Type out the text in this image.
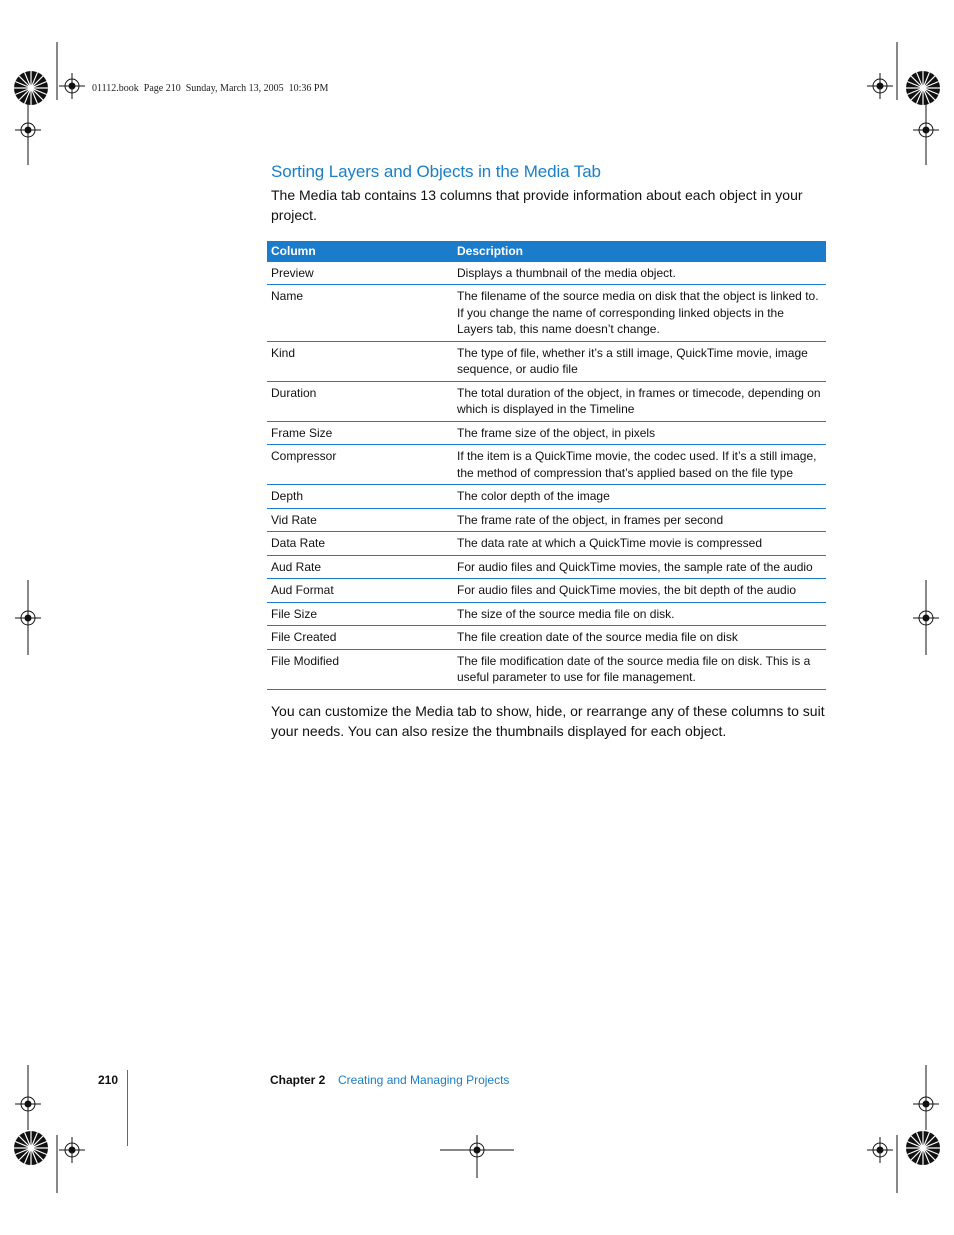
01112.book  Page 210  Sunday, March 13, 2005  10:36 PM
Sorting Layers and Objects in the Media Tab

The Media tab contains 13 columns that provide information about each object in your project.

Column	Description
Preview	Displays a thumbnail of the media object.
Name	The filename of the source media on disk that the object is linked to. If you change the name of corresponding linked objects in the Layers tab, this name doesn’t change.
Kind	The type of file, whether it’s a still image, QuickTime movie, image sequence, or audio file
Duration	The total duration of the object, in frames or timecode, depending on which is displayed in the Timeline
Frame Size	The frame size of the object, in pixels
Compressor	If the item is a QuickTime movie, the codec used. If it’s a still image, the method of compression that’s applied based on the file type
Depth	The color depth of the image
Vid Rate	The frame rate of the object, in frames per second
Data Rate	The data rate at which a QuickTime movie is compressed
Aud Rate	For audio files and QuickTime movies, the sample rate of the audio
Aud Format	For audio files and QuickTime movies, the bit depth of the audio
File Size	The size of the source media file on disk.
File Created	The file creation date of the source media file on disk
File Modified	The file modification date of the source media file on disk. This is a useful parameter to use for file management.

You can customize the Media tab to show, hide, or rearrange any of these columns to suit your needs. You can also resize the thumbnails displayed for each object.

210	Chapter 2 Creating and Managing Projects
